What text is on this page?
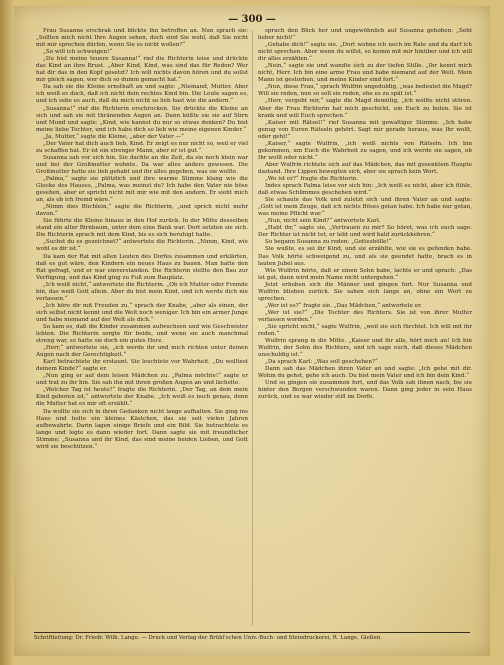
— 300 —

Frau Susanne erschrak und blickte ihn betroffen an. Nun sprach sie: „Sollten mich nicht Ihre Augen sehen, doch sind Sie wohl, daß Sie nicht mit mir sprechen dürfen, wenn Sie es nicht wollen?“

„So will ich schweigen!“

„Du bist meine teuere Susanna!“ rief die Richterin leise und drückte das Kind an ihre Brust. „Aber Kind, Kind, was sind das für Reden? Wer hat dir das in den Kopf gesetzt? Ich will nichts davon hören und du sollst mir gleich sagen, wer dich so dumm gemacht hat.“

Da sah sie die Kleine ernsthaft an und sagte: „Niemand, Mutter. Aber ich weiß es doch, daß ich nicht dein rechtes Kind bin. Die Leute sagen es, und ich sehe es auch, daß du mich nicht so lieb hast wie die andern.“

„Susanna!“ rief die Richterin erschrocken. Sie drückte die Kleine an sich und sah sie mit thränenden Augen an. Dann küßte sie sie auf Stirn und Mund und sagte: „Kind, wie kannst du nur so etwas denken? Du bist meine liebe Tochter, und ich habe dich so lieb wie meine eigenen Kinder.“

„Ja, Mutter,“ sagte die Kleine, „aber der Vater —“

„Der Vater hat dich auch lieb, Kind. Er zeigt es nur nicht so, weil er viel zu schaffen hat. Er ist ein strenger Mann, aber er ist gut.“

Susanna sah vor sich hin. Sie dachte an die Zeit, da sie noch klein war und bei der Großmutter wohnte. Da war alles anders gewesen. Die Großmutter hatte sie lieb gehabt und ihr alles gegeben, was sie wollte.

„Palma,“ sagte sie plötzlich und ihre warme Stimme klang wie die Glocke des Hauses, „Palma, was meinst du? Ich habe den Vater nie böse gesehen, aber er spricht nicht mit mir wie mit den andern. Er sieht mich an, als ob ich fremd wäre.“

„Nimm dies Büchlein,“ sagte die Richterin, „und sprich nicht mehr davon.“

Sie führte die Kleine hinaus in den Hof zurück. In der Mitte desselben stand ein alter Birnbaum, unter dem eine Bank war. Dort setzten sie sich. Die Richterin sprach mit dem Kind, bis es sich beruhigt hatte.

„Suchst du es gezeichnet?“ antwortete die Richterin. „Nimm, Kind, wie wohl es dir ist.“

Da kam der Rat mit allen Leuten des Dorfes zusammen und erklärten, daß es gut wäre, den Kindern ein neues Haus zu bauen. Man hatte den Rat gefragt, und er war einverstanden. Die Richterin stellte den Bau zur Verfügung, und das Kind ging zu Fuß zum Bauplatz.

„Ich weiß nicht,“ antwortete die Richterin. „Ob ich Mutter oder Fremde bin, das weiß Gott allein. Aber du bist mein Kind, und ich werde dich nie verlassen.“

„Ich höre dir mit Freuden zu,“ sprach der Knabe, „aber als einen, der sich selbst nicht kennt und die Welt noch weniger. Ich bin ein armer Junge und habe niemand auf der Welt als dich.“

So kam es, daß die Kinder zusammen aufwuchsen und wie Geschwister lebten. Die Richterin sorgte für beide, und wenn sie auch manchmal streng war, so hatte sie doch ein gutes Herz.

„Herr,“ antwortete sie, „ich werde ihr und mich richten unter deinen Augen nach der Gerechtigkeit.“

Karl betrachtete ihr erstaunt. Sie leuchtete vor Wahrheit. „Du wolltest deinem Kinde?“ sagte er.

„Nun ging er auf dem leisen Mädchen zu. „Palma möchte!“ sagte er und trat zu ihr hin. Sie sah ihn mit ihren großen Augen an und lächelte.

„Welcher Tag ist heute?“ fragte die Richterin. „Der Tag, an dem mein Kind geboren ist,“ antwortete der Knabe. „Ich weiß es noch genau, denn die Mutter hat es mir oft erzählt.“

Da wollte sie sich in ihren Gedanken nicht lange aufhalten. Sie ging ins Haus und holte ein kleines Kästchen, das sie seit vielen Jahren aufbewahrte. Darin lagen einige Briefe und ein Bild. Sie betrachtete es lange und legte es dann wieder fort. Dann sagte sie mit freundlicher Stimme: „Susanna und ihr Kind, das sind meine beiden Lieben, und Gott wird sie beschützen.“

spruch den Blick her und ungewöhnlich auf Susanna gehoben: „Seht lieber nicht!“

„Gehabe dich!“ sagte sie. „Dort wohne ich noch im Rate und da darf ich nicht sprechen. Aber wenn du willst, so komm mit mir hinüber und ich will dir alles erzählen.“

„Nein,“ sagte sie und wandte sich zu der tiefen Stille. „Ihr kennt mich nicht, Herr. Ich bin eine arme Frau und habe niemand auf der Welt. Mein Mann ist gestorben, und meine Kinder sind fort.“

„Nun, diese Frau,“ sprach Wulfrin ungeduldig, „was bedeutet die Magd? Will sie reden, nun so soll sie reden, ehe es zu spät ist.“

„Herr, vergebt mir,“ sagte die Magd demütig, „ich wollte nicht stören. Aber die Frau Richterin hat mich geschickt, um Euch zu holen. Sie ist krank und will Euch sprechen.“

„Kaiser mit Rätsel!“ rief Susanna mit gewaltiger Stimme. „Ich habe genug von Euren Rätseln gehört. Sagt mir gerade heraus, was Ihr wollt, oder geht!“

„Kaiser,“ sagte Wulfrin, „ich weiß nichts von Rätseln. Ich bin gekommen, um Euch die Wahrheit zu sagen, und ich werde sie sagen, ob Ihr wollt oder nicht.“

Aber Wulfrin richtete sich auf das Mädchen, das mit gesenktem Haupte dastand. Ihre Lippen bewegten sich, aber sie sprach kein Wort.

„Wo ist er?“ fragte die Richterin.

Indes sprach Palma leise vor sich hin: „Ich weiß es nicht, aber ich fühle, daß etwas Schlimmes geschehen wird.“

Sie schaute das Volk und zuletzt sich und ihren Vater an und sagte: „Gott ist mein Zeuge, daß ich nichts Böses getan habe. Ich habe nur getan, was meine Pflicht war.“

„Nun, nicht sein Kind?“ antwortete Karl.

„Habt ihr,“ sagte sie, „Vertrauen zu mir? So höret, was ich euch sage: Der Richter ist nicht tot, er lebt und wird bald zurückkehren.“

So begann Susanna zu reden: „Gotteshölle!“

Sie wußte, es sei ihr Kind, und sie erzählte, wie sie es gefunden habe. Das Volk hörte schweigend zu, und als sie geendet hatte, brach es in lauten Jubel aus.

Wie Wulfrin hörte, daß er einen Sohn habe, lachte er und sprach: „Das ist gut, dann wird mein Name nicht untergehen.“

Jetzt erhoben sich die Männer und gingen fort. Nur Susanna und Wulfrin blieben zurück. Sie sahen sich lange an, ohne ein Wort zu sprechen.

„Wer ist es?“ fragte sie. „Das Mädchen,“ antwortete er.

„Wer ist sie?“ „Die Tochter des Richters. Sie ist von ihrer Mutter verlassen worden.“

„Sie spricht nicht,“ sagte Wulfrin, „weil sie sich fürchtet. Ich will mit ihr reden.“

Wulfrin sprang in die Mitte. „Kaiser und ihr alle, hört mich an! Ich bin Wulfrin, der Sohn des Richters, und ich sage euch, daß dieses Mädchen unschuldig ist.“

„Da sprach Karl: „Was soll geschehen?“

Dann sah das Mädchen ihren Vater an und sagte: „Ich gehe mit dir. Wohin du gehst, gehe ich auch. Du bist mein Vater und ich bin dein Kind.“

Und so gingen sie zusammen fort, und das Volk sah ihnen nach, bis sie hinter den Bergen verschwunden waren. Dann ging jeder in sein Haus zurück, und es war wieder still im Dorfe.

Schriftleitung: Dr. Friedr. Wilh. Lange. — Druck und Verlag der Brühl'schen Univ.-Buch- und Steindruckerei, R. Lange, Gießen.
